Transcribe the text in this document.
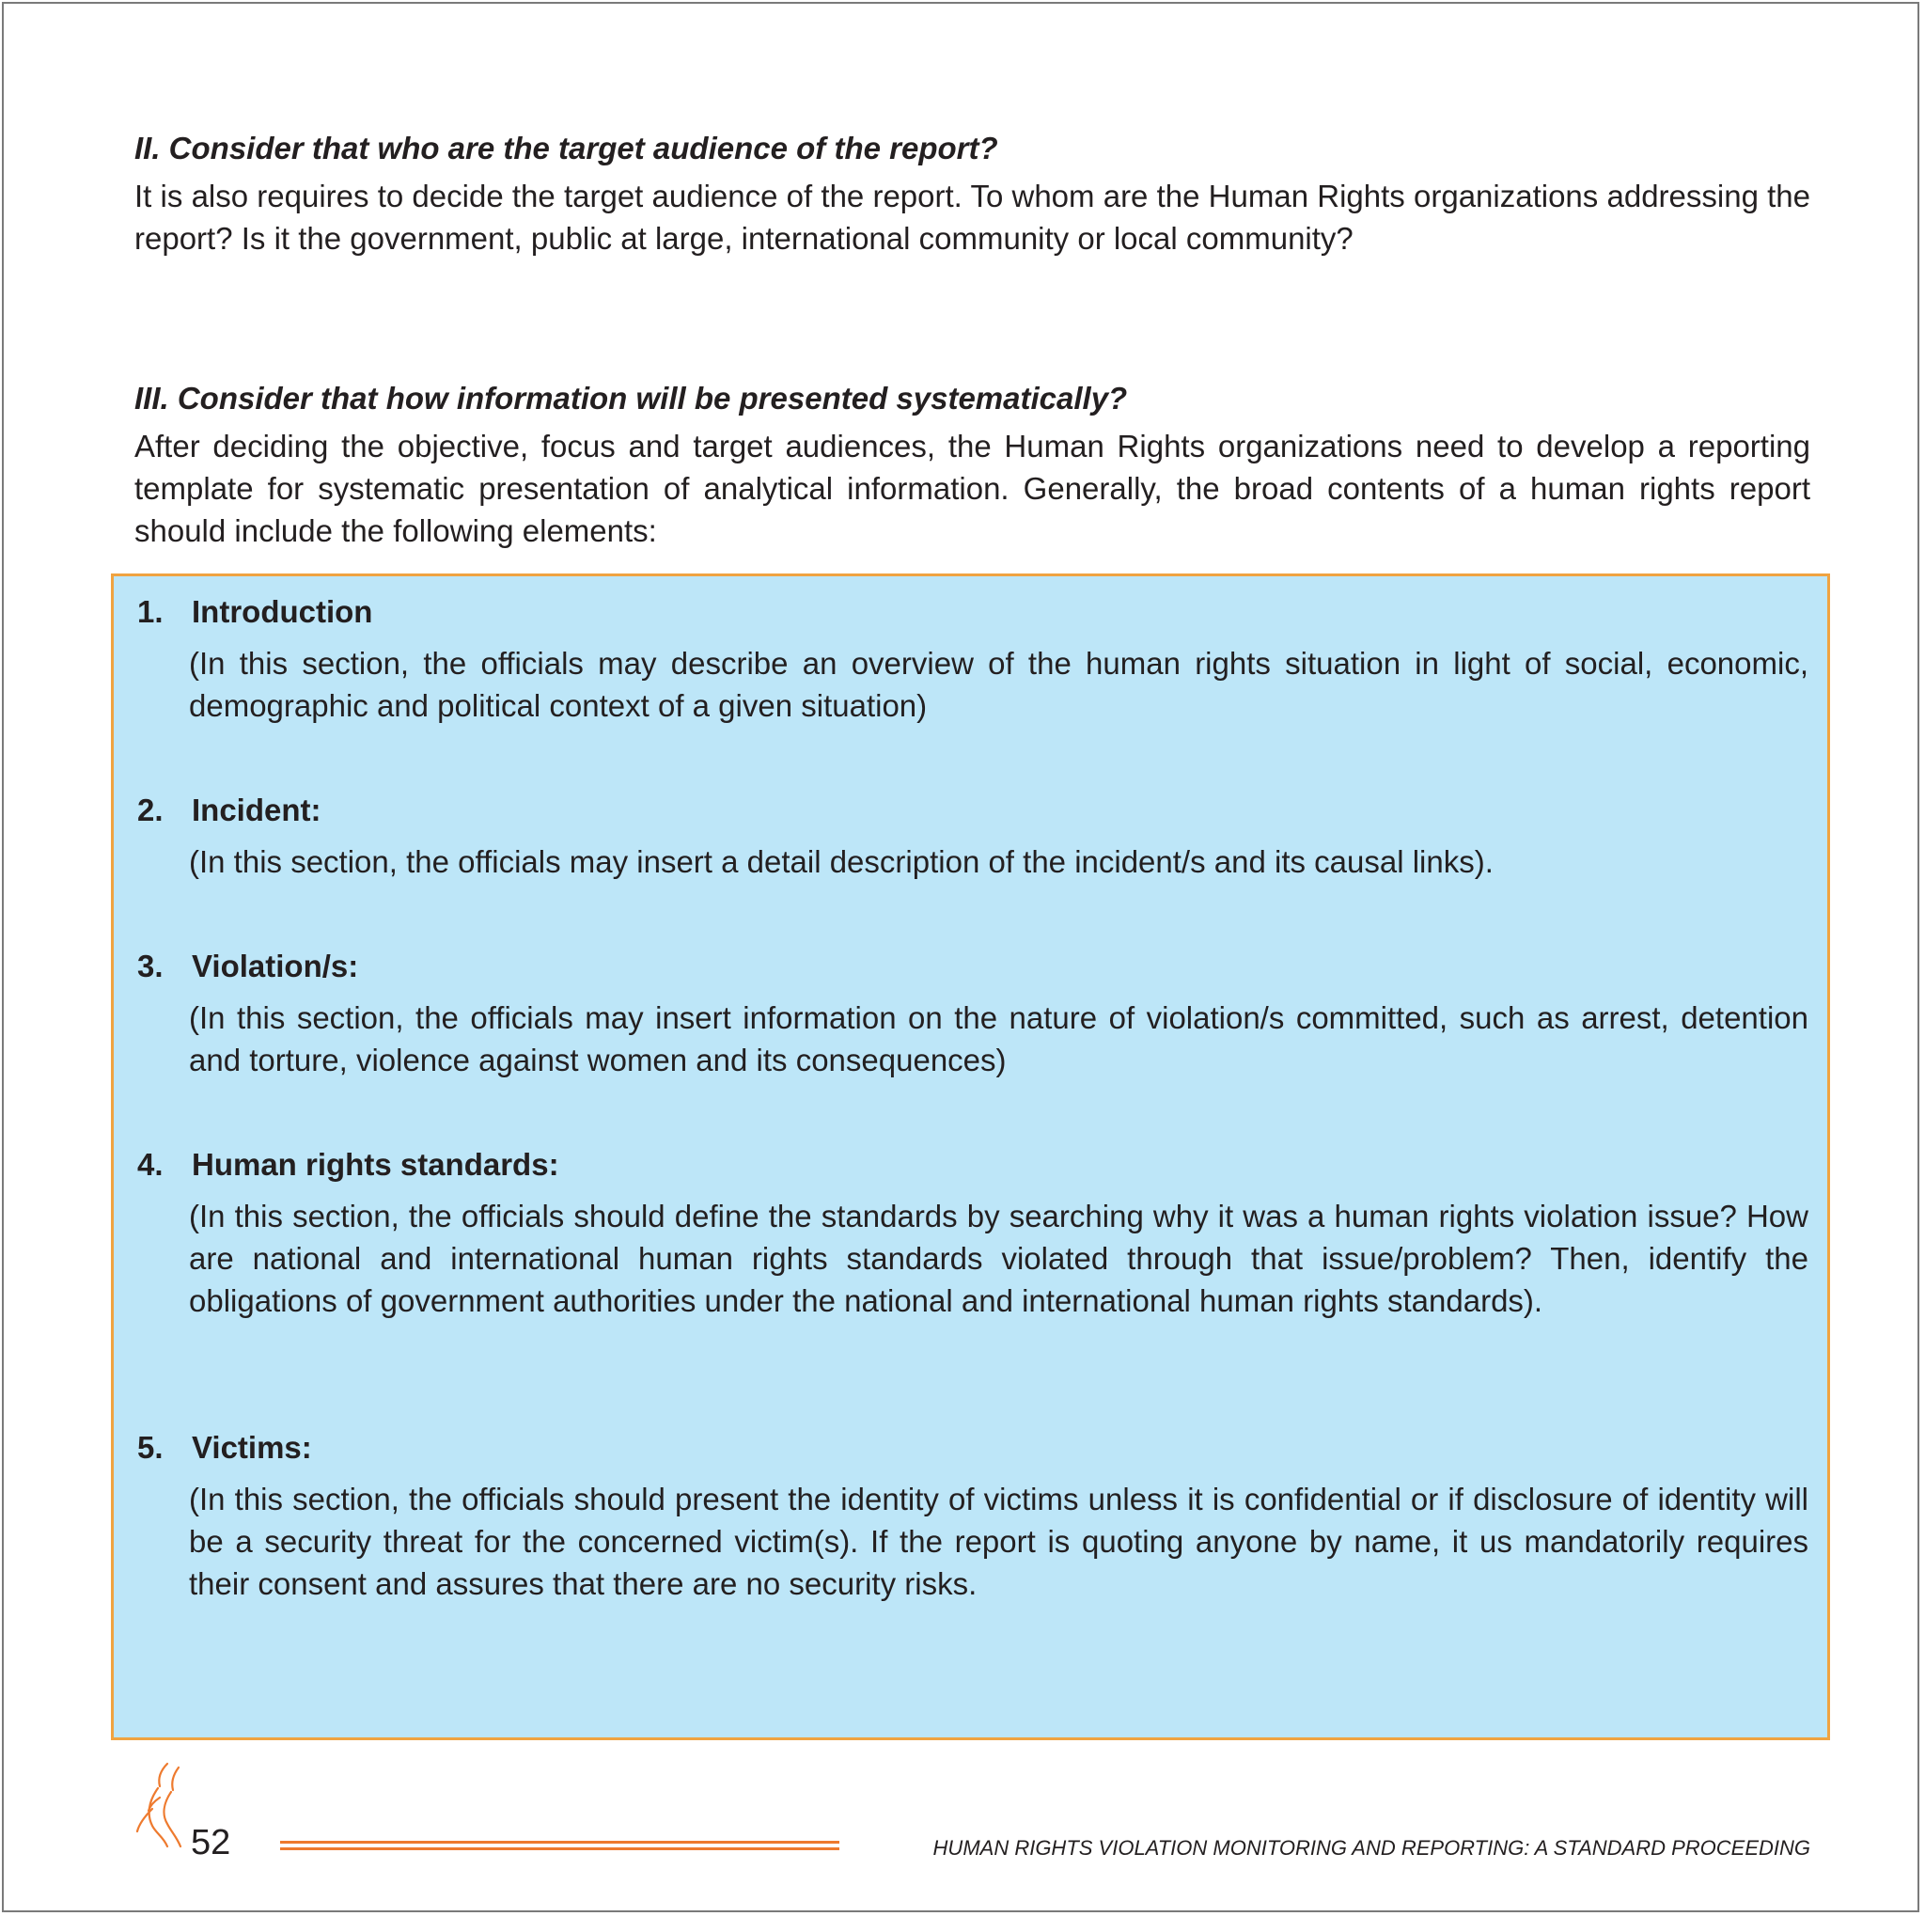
II. Consider that who are the target audience of the report?

It is also requires to decide the target audience of the report. To whom are the Human Rights organizations addressing the report? Is it the government, public at large, international community or local community?

III. Consider that how information will be presented systematically?

After deciding the objective, focus and target audiences, the Human Rights organizations need to develop a reporting template for systematic presentation of analytical information. Generally, the broad contents of a human rights report should include the following elements:

1. Introduction

(In this section, the officials may describe an overview of the human rights situation in light of social, economic, demographic and political context of a given situation)

2. Incident:

(In this section, the officials may insert a detail description of the incident/s and its causal links).

3. Violation/s:

(In this section, the officials may insert information on the nature of violation/s committed, such as arrest, detention and torture, violence against women and its consequences)

4. Human rights standards:

(In this section, the officials should define the standards by searching why it was a human rights violation issue? How are national and international human rights standards violated through that issue/problem? Then, identify the obligations of government authorities under the national and international human rights standards).

5. Victims:

(In this section, the officials should present the identity of victims unless it is confidential or if disclosure of identity will be a security threat for the concerned victim(s). If the report is quoting anyone by name, it us mandatorily requires their consent and assures that there are no security risks.

52	HUMAN RIGHTS VIOLATION MONITORING AND REPORTING: A STANDARD PROCEEDING
